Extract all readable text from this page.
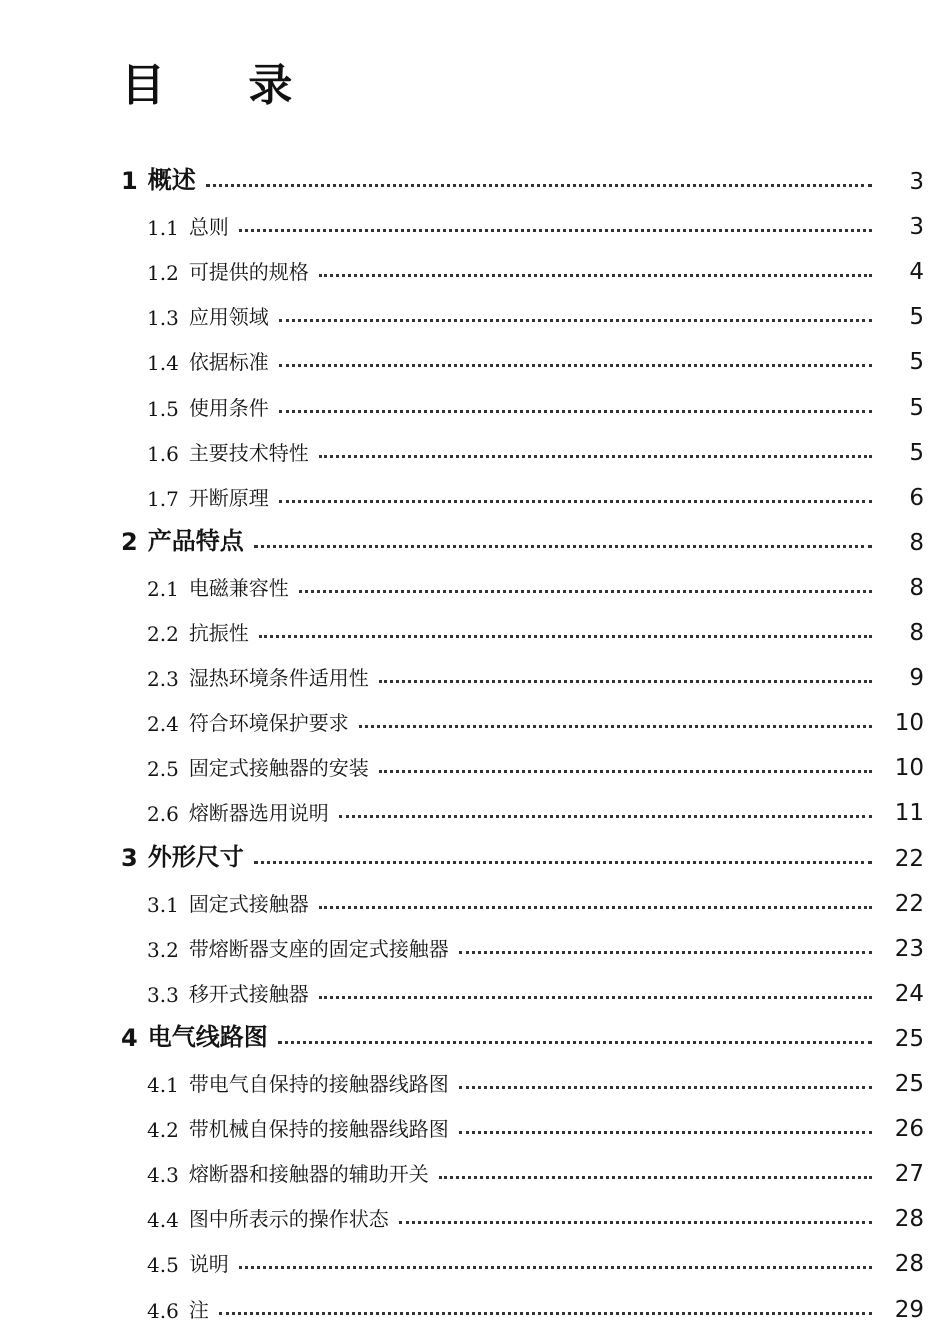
目 录
1 概述	3
1.1 总则	3
1.2 可提供的规格	4
1.3 应用领域	5
1.4 依据标准	5
1.5 使用条件	5
1.6 主要技术特性	5
1.7 开断原理	6
2 产品特点	8
2.1 电磁兼容性	8
2.2 抗振性	8
2.3 湿热环境条件适用性	9
2.4 符合环境保护要求	10
2.5 固定式接触器的安装	10
2.6 熔断器选用说明	11
3 外形尺寸	22
3.1 固定式接触器	22
3.2 带熔断器支座的固定式接触器	23
3.3 移开式接触器	24
4 电气线路图	25
4.1 带电气自保持的接触器线路图	25
4.2 带机械自保持的接触器线路图	26
4.3 熔断器和接触器的辅助开关	27
4.4 图中所表示的操作状态	28
4.5 说明	28
4.6 注	29
